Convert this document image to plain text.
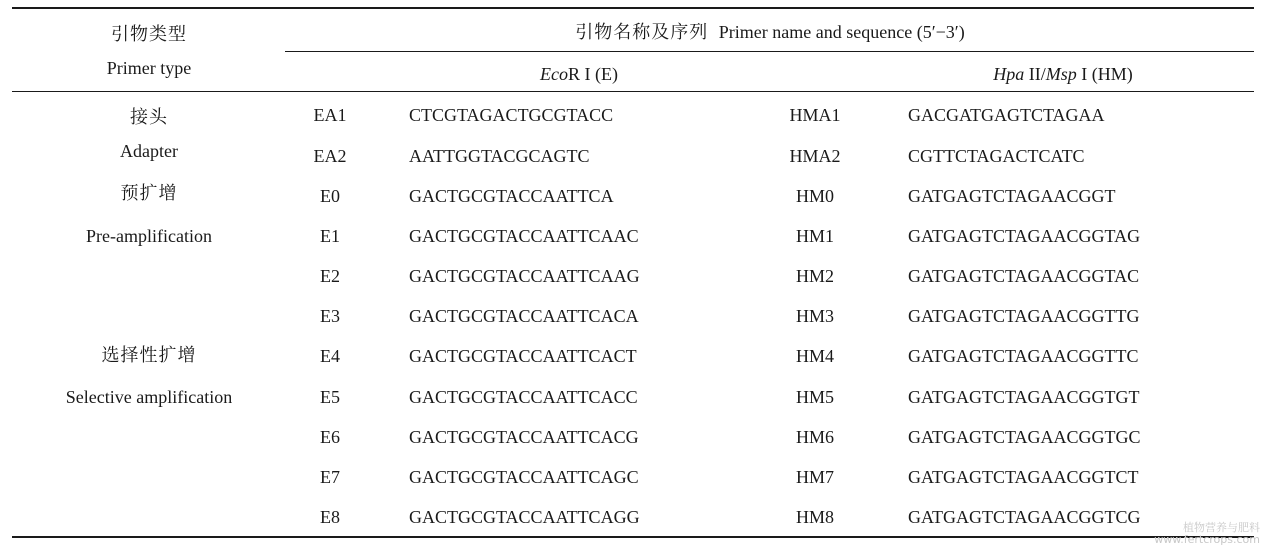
引物类型
Primer type
引物名称及序列 Primer name and sequence (5′−3′)
EcoR I (E)	Hpa II/Msp I (HM)
接头
Adapter
预扩增
Pre-amplification
选择性扩增
Selective amplification
EA1	CTCGTAGACTGCGTACC	HMA1	GACGATGAGTCTAGAA
EA2	AATTGGTACGCAGTC	HMA2	CGTTCTAGACTCATC
E0	GACTGCGTACCAATTCA	HM0	GATGAGTCTAGAACGGT
E1	GACTGCGTACCAATTCAAC	HM1	GATGAGTCTAGAACGGTAG
E2	GACTGCGTACCAATTCAAG	HM2	GATGAGTCTAGAACGGTAC
E3	GACTGCGTACCAATTCACA	HM3	GATGAGTCTAGAACGGTTG
E4	GACTGCGTACCAATTCACT	HM4	GATGAGTCTAGAACGGTTC
E5	GACTGCGTACCAATTCACC	HM5	GATGAGTCTAGAACGGTGT
E6	GACTGCGTACCAATTCACG	HM6	GATGAGTCTAGAACGGTGC
E7	GACTGCGTACCAATTCAGC	HM7	GATGAGTCTAGAACGGTCT
E8	GACTGCGTACCAATTCAGG	HM8	GATGAGTCTAGAACGGTCG
植物营养与肥料
www.fertcrops.com
